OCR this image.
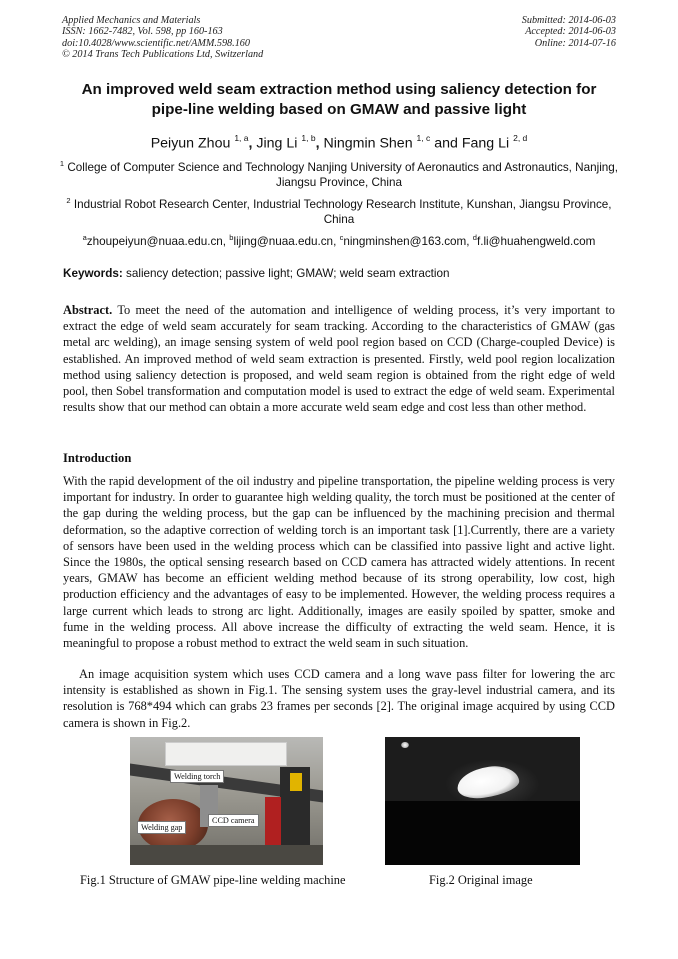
Applied Mechanics and Materials
ISSN: 1662-7482, Vol. 598, pp 160-163
doi:10.4028/www.scientific.net/AMM.598.160
© 2014 Trans Tech Publications Ltd, Switzerland
Submitted: 2014-06-03
Accepted: 2014-06-03
Online: 2014-07-16
An improved weld seam extraction method using saliency detection for
pipe-line welding based on GMAW and passive light
Peiyun Zhou $^{1, a}$, Jing Li $^{1, b}$, Ningmin Shen $^{1, c}$ and Fang Li $^{2, d}$
$^1$ College of Computer Science and Technology Nanjing University of Aeronautics and Astronautics, Nanjing, Jiangsu Province, China
$^2$ Industrial Robot Research Center, Industrial Technology Research Institute, Kunshan, Jiangsu Province, China
$^a$zhoupeiyun@nuaa.edu.cn, $^b$lijing@nuaa.edu.cn, $^c$ningminshen@163.com, $^d$f.li@huahengweld.com
Keywords: saliency detection; passive light; GMAW; weld seam extraction
Abstract. To meet the need of the automation and intelligence of welding process, it’s very important to extract the edge of weld seam accurately for seam tracking. According to the characteristics of GMAW (gas metal arc welding), an image sensing system of weld pool region based on CCD (Charge-coupled Device) is established. An improved method of weld seam extraction is presented. Firstly, weld pool region localization method using saliency detection is proposed, and weld seam region is obtained from the right edge of weld pool, then Sobel transformation and computation model is used to extract the edge of weld seam. Experimental results show that our method can obtain a more accurate weld seam edge and cost less than other method.
Introduction
With the rapid development of the oil industry and pipeline transportation, the pipeline welding process is very important for industry. In order to guarantee high welding quality, the torch must be positioned at the center of the gap during the welding process, but the gap can be influenced by the machining precision and thermal deformation, so the adaptive correction of welding torch is an important task [1].Currently, there are a variety of sensors have been used in the welding process which can be classified into passive light and active light. Since the 1980s, the optical sensing research based on CCD camera has attracted widely attentions. In recent years, GMAW has become an efficient welding method because of its strong operability, low cost, high production efficiency and the advantages of easy to be implemented. However, the welding process requires a large current which leads to strong arc light. Additionally, images are easily spoiled by spatter, smoke and fume in the welding process. All above increase the difficulty of extracting the weld seam. Hence, it is meaningful to propose a robust method to extract the weld seam in such situation.
An image acquisition system which uses CCD camera and a long wave pass filter for lowering the arc intensity is established as shown in Fig.1. The sensing system uses the gray-level industrial camera, and its resolution is 768*494 which can grabs 23 frames per seconds [2]. The original image acquired by using CCD camera is shown in Fig.2.
Welding torch
CCD camera
Welding gap
Fig.1 Structure of GMAW pipe-line welding machine	Fig.2 Original image
